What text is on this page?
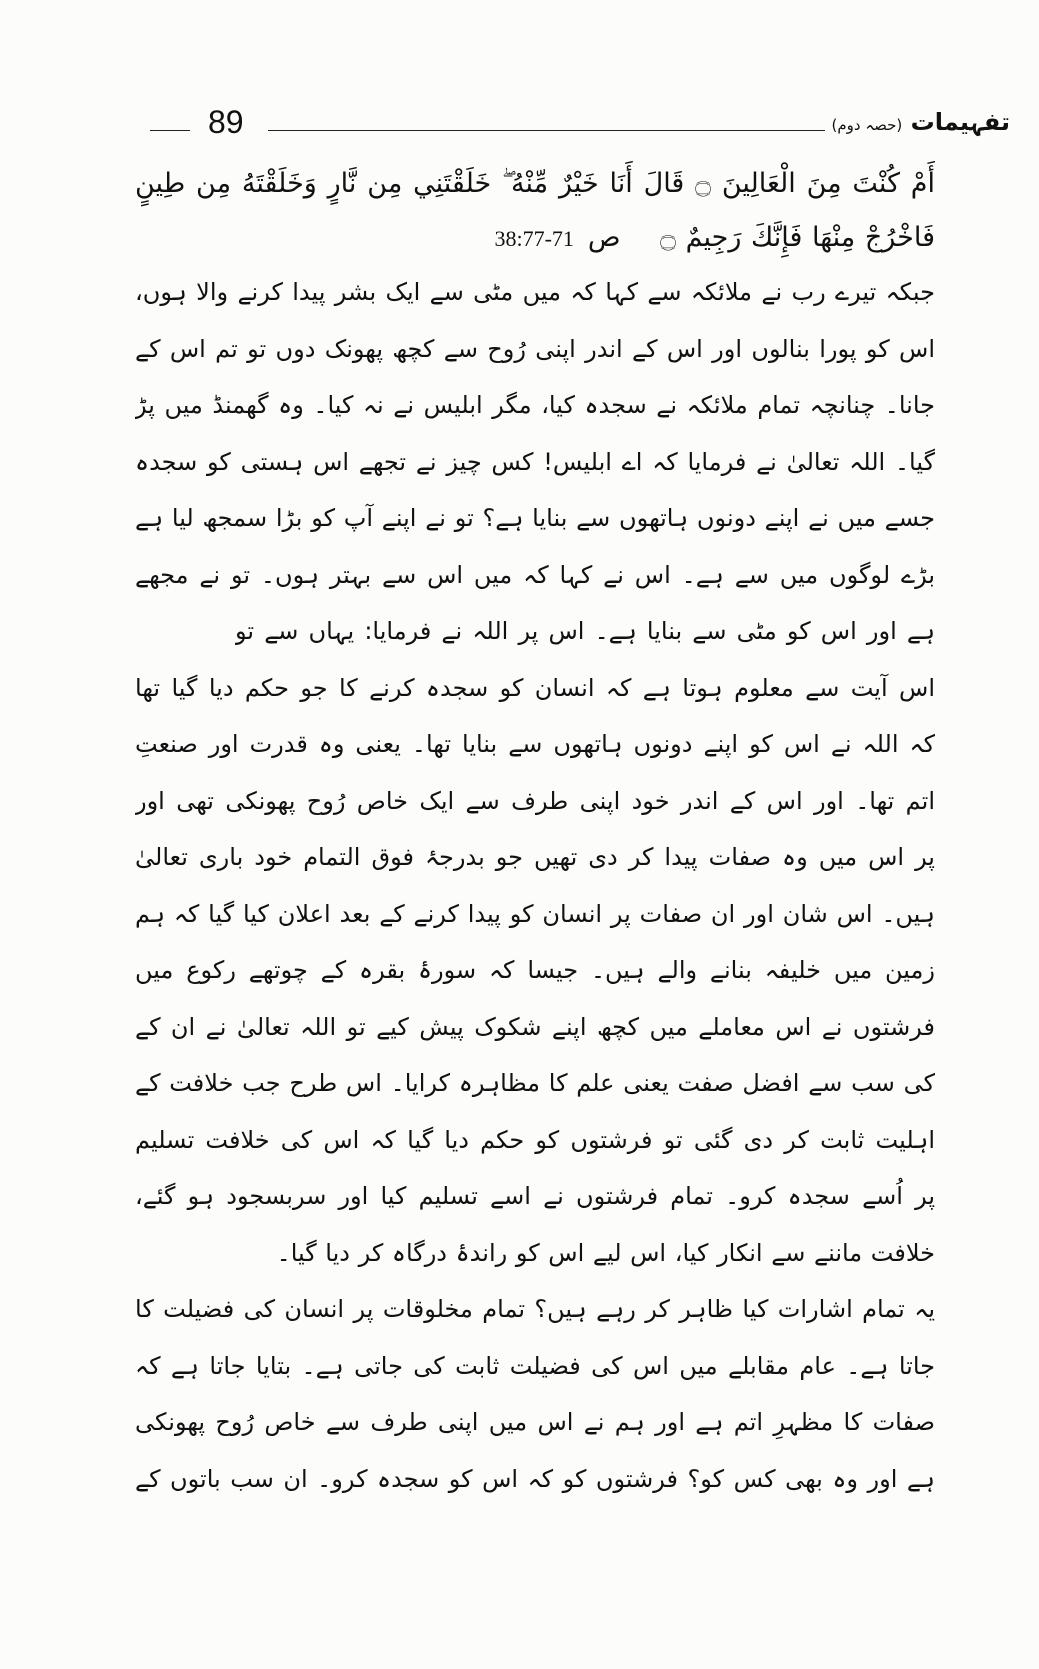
89	تفہیمات (حصہ دوم)
أَمْ كُنْتَ مِنَ الْعَالِينَ ۝ قَالَ أَنَا خَيْرٌ مِّنْهُ ۖ خَلَقْتَنِي مِن نَّارٍ وَخَلَقْتَهُ مِن طِينٍ
فَاخْرُجْ مِنْهَا فَإِنَّكَ رَجِيمٌ ۝ ص38:77-71
جبکہ تیرے رب نے ملائکہ سے کہا کہ میں مٹی سے ایک بشر پیدا کرنے والا ہوں،
اس کو پورا بنالوں اور اس کے اندر اپنی رُوح سے کچھ پھونک دوں تو تم اس کے
جانا۔ چنانچہ تمام ملائکہ نے سجدہ کیا، مگر ابلیس نے نہ کیا۔ وہ گھمنڈ میں پڑ
گیا۔ اللہ تعالیٰ نے فرمایا کہ اے ابلیس! کس چیز نے تجھے اس ہستی کو سجدہ
جسے میں نے اپنے دونوں ہاتھوں سے بنایا ہے؟ تو نے اپنے آپ کو بڑا سمجھ لیا ہے
بڑے لوگوں میں سے ہے۔ اس نے کہا کہ میں اس سے بہتر ہوں۔ تو نے مجھے
ہے اور اس کو مٹی سے بنایا ہے۔ اس پر اللہ نے فرمایا: یہاں سے تو
اس آیت سے معلوم ہوتا ہے کہ انسان کو سجدہ کرنے کا جو حکم دیا گیا تھا
کہ اللہ نے اس کو اپنے دونوں ہاتھوں سے بنایا تھا۔ یعنی وہ قدرت اور صنعتِ
اتم تھا۔ اور اس کے اندر خود اپنی طرف سے ایک خاص رُوح پھونکی تھی اور
پر اس میں وہ صفات پیدا کر دی تھیں جو بدرجۂ فوق التمام خود باری تعالیٰ
ہیں۔ اس شان اور ان صفات پر انسان کو پیدا کرنے کے بعد اعلان کیا گیا کہ ہم
زمین میں خلیفہ بنانے والے ہیں۔ جیسا کہ سورۂ بقرہ کے چوتھے رکوع میں
فرشتوں نے اس معاملے میں کچھ اپنے شکوک پیش کیے تو اللہ تعالیٰ نے ان کے
کی سب سے افضل صفت یعنی علم کا مظاہرہ کرایا۔ اس طرح جب خلافت کے
اہلیت ثابت کر دی گئی تو فرشتوں کو حکم دیا گیا کہ اس کی خلافت تسلیم
پر اُسے سجدہ کرو۔ تمام فرشتوں نے اسے تسلیم کیا اور سربسجود ہو گئے،
خلافت ماننے سے انکار کیا، اس لیے اس کو راندۂ درگاہ کر دیا گیا۔
یہ تمام اشارات کیا ظاہر کر رہے ہیں؟ تمام مخلوقات پر انسان کی فضیلت کا
جاتا ہے۔ عام مقابلے میں اس کی فضیلت ثابت کی جاتی ہے۔ بتایا جاتا ہے کہ
صفات کا مظہرِ اتم ہے اور ہم نے اس میں اپنی طرف سے خاص رُوح پھونکی
ہے اور وہ بھی کس کو؟ فرشتوں کو کہ اس کو سجدہ کرو۔ ان سب باتوں کے
